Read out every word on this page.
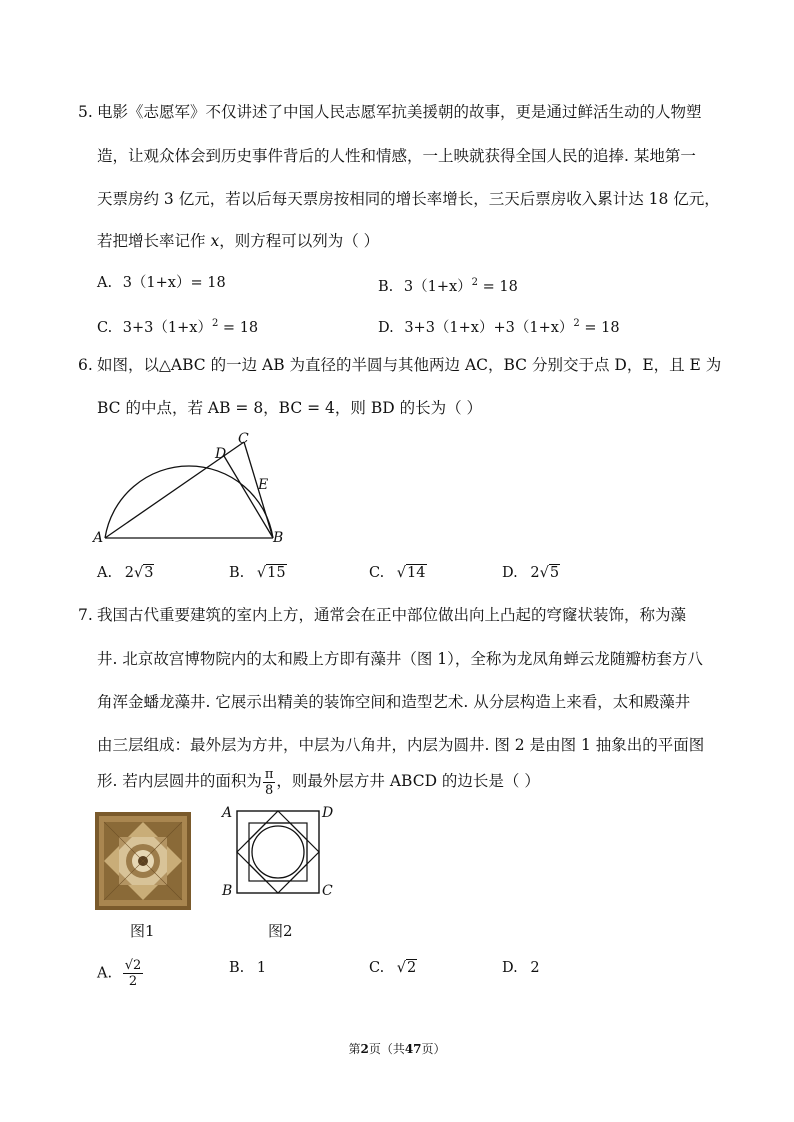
5. 电影《志愿军》不仅讲述了中国人民志愿军抗美援朝的故事，更是通过鲜活生动的人物塑
造，让观众体会到历史事件背后的人性和情感，一上映就获得全国人民的追捧. 某地第一
天票房约 3 亿元，若以后每天票房按相同的增长率增长，三天后票房收入累计达 18 亿元，
若把增长率记作 x，则方程可以列为（ ）
A. 3（1+x）= 18	B. $3(1+x)^2 = 18$
C. $3+3(1+x)^2 = 18$	D. $3+3(1+x)+3(1+x)^2 = 18$
6. 如图，以△ABC 的一边 AB 为直径的半圆与其他两边 AC，BC 分别交于点 D，E，且 E 为
BC 的中点，若 AB = 8，BC = 4，则 BD 的长为（ ）
A	B
C
D
E
A. 2√3	B. √15	C. √14	D. 2√5
7. 我国古代重要建筑的室内上方，通常会在正中部位做出向上凸起的穹窿状装饰，称为藻
井. 北京故宫博物院内的太和殿上方即有藻井（图 1），全称为龙凤角蝉云龙随瓣枋套方八
角浑金蟠龙藻井. 它展示出精美的装饰空间和造型艺术. 从分层构造上来看，太和殿藻井
由三层组成：最外层为方井，中层为八角井，内层为圆井. 图 2 是由图 1 抽象出的平面图
形. 若内层圆井的面积为 $\frac{\pi}{8}$ ，则最外层方井 ABCD 的边长是（ ）
图1
A	D
B	C
图2
A. $\frac{√2}{2}$	B. 1	C. √2	D. 2
第2页（共47页）
